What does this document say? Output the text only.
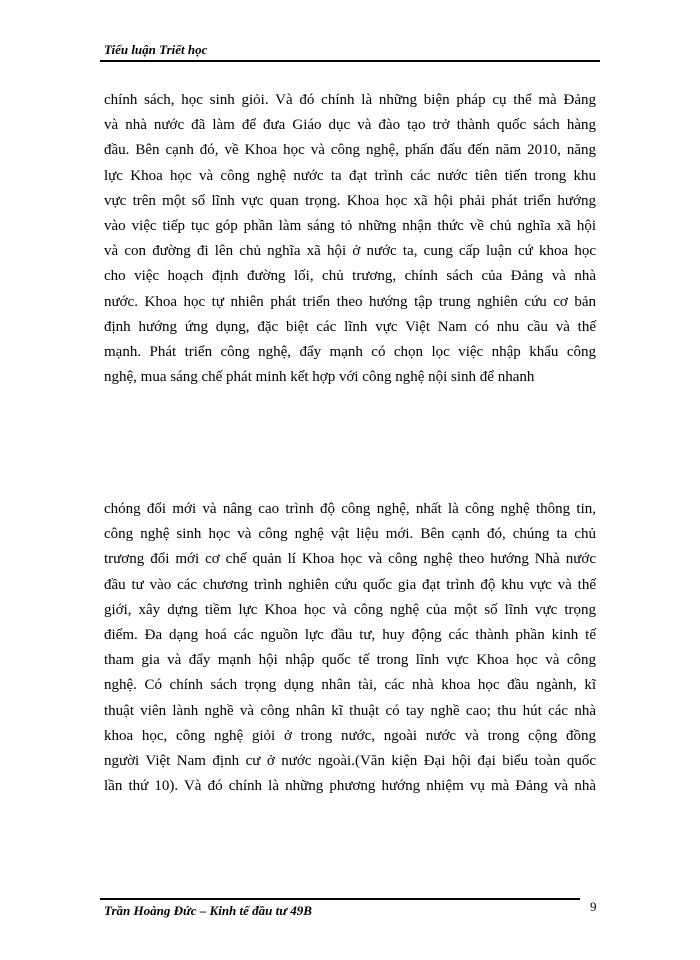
Tiểu luận Triết học
chính sách, học sinh giỏi. Và đó chính là những biện pháp cụ thể mà Đảng
và nhà nước đã làm để đưa Giáo dục và đào tạo trở thành quốc sách hàng
đầu. Bên cạnh đó, về Khoa học và công nghệ, phấn đấu đến năm 2010, năng
lực Khoa học và công nghệ nước ta đạt trình các nước tiên tiến trong khu
vực trên một số lĩnh vực quan trọng. Khoa học xã hội phải phát triển hướng
vào việc tiếp tục góp phần làm sáng tỏ những nhận thức về chủ nghĩa xã hội
và con đường đi lên chủ nghĩa xã hội ở nước ta, cung cấp luận cứ khoa học
cho việc hoạch định đường lối, chủ trương, chính sách của Đảng và nhà
nước. Khoa học tự nhiên phát triển theo hướng tập trung nghiên cứu cơ bản
định hướng ứng dụng, đặc biệt các lĩnh vực Việt Nam có nhu cầu và thế
mạnh. Phát triển công nghệ, đẩy mạnh có chọn lọc việc nhập khẩu công
nghệ, mua sáng chế phát minh kết hợp với công nghệ nội sinh để nhanh
chóng đổi mới và nâng cao trình độ công nghệ, nhất là công nghệ thông tin,
công nghệ sinh học và công nghệ vật liệu mới. Bên cạnh đó, chúng ta chủ
trương đổi mới cơ chế quản lí Khoa học và công nghệ theo hướng Nhà nước
đầu tư vào các chương trình nghiên cứu quốc gia đạt trình độ khu vực và thế
giới, xây dựng tiềm lực Khoa học và công nghệ của một số lĩnh vực trọng
điểm. Đa dạng hoá các nguồn lực đầu tư, huy động các thành phần kinh tế
tham gia và đẩy mạnh hội nhập quốc tế trong lĩnh vực Khoa học và công
nghệ. Có chính sách trọng dụng nhân tài, các nhà khoa học đầu ngành, kĩ
thuật viên lành nghề và công nhân kĩ thuật có tay nghề cao; thu hút các nhà
khoa học, công nghệ giỏi ở trong nước, ngoài nước và trong cộng đồng
người Việt Nam định cư ở nước ngoài.(Văn kiện Đại hội đại biểu toàn quốc
lần thứ 10). Và đó chính là những phương hướng nhiệm vụ mà Đảng và nhà
Trần Hoàng Đức – Kinh tế đầu tư 49B	9
